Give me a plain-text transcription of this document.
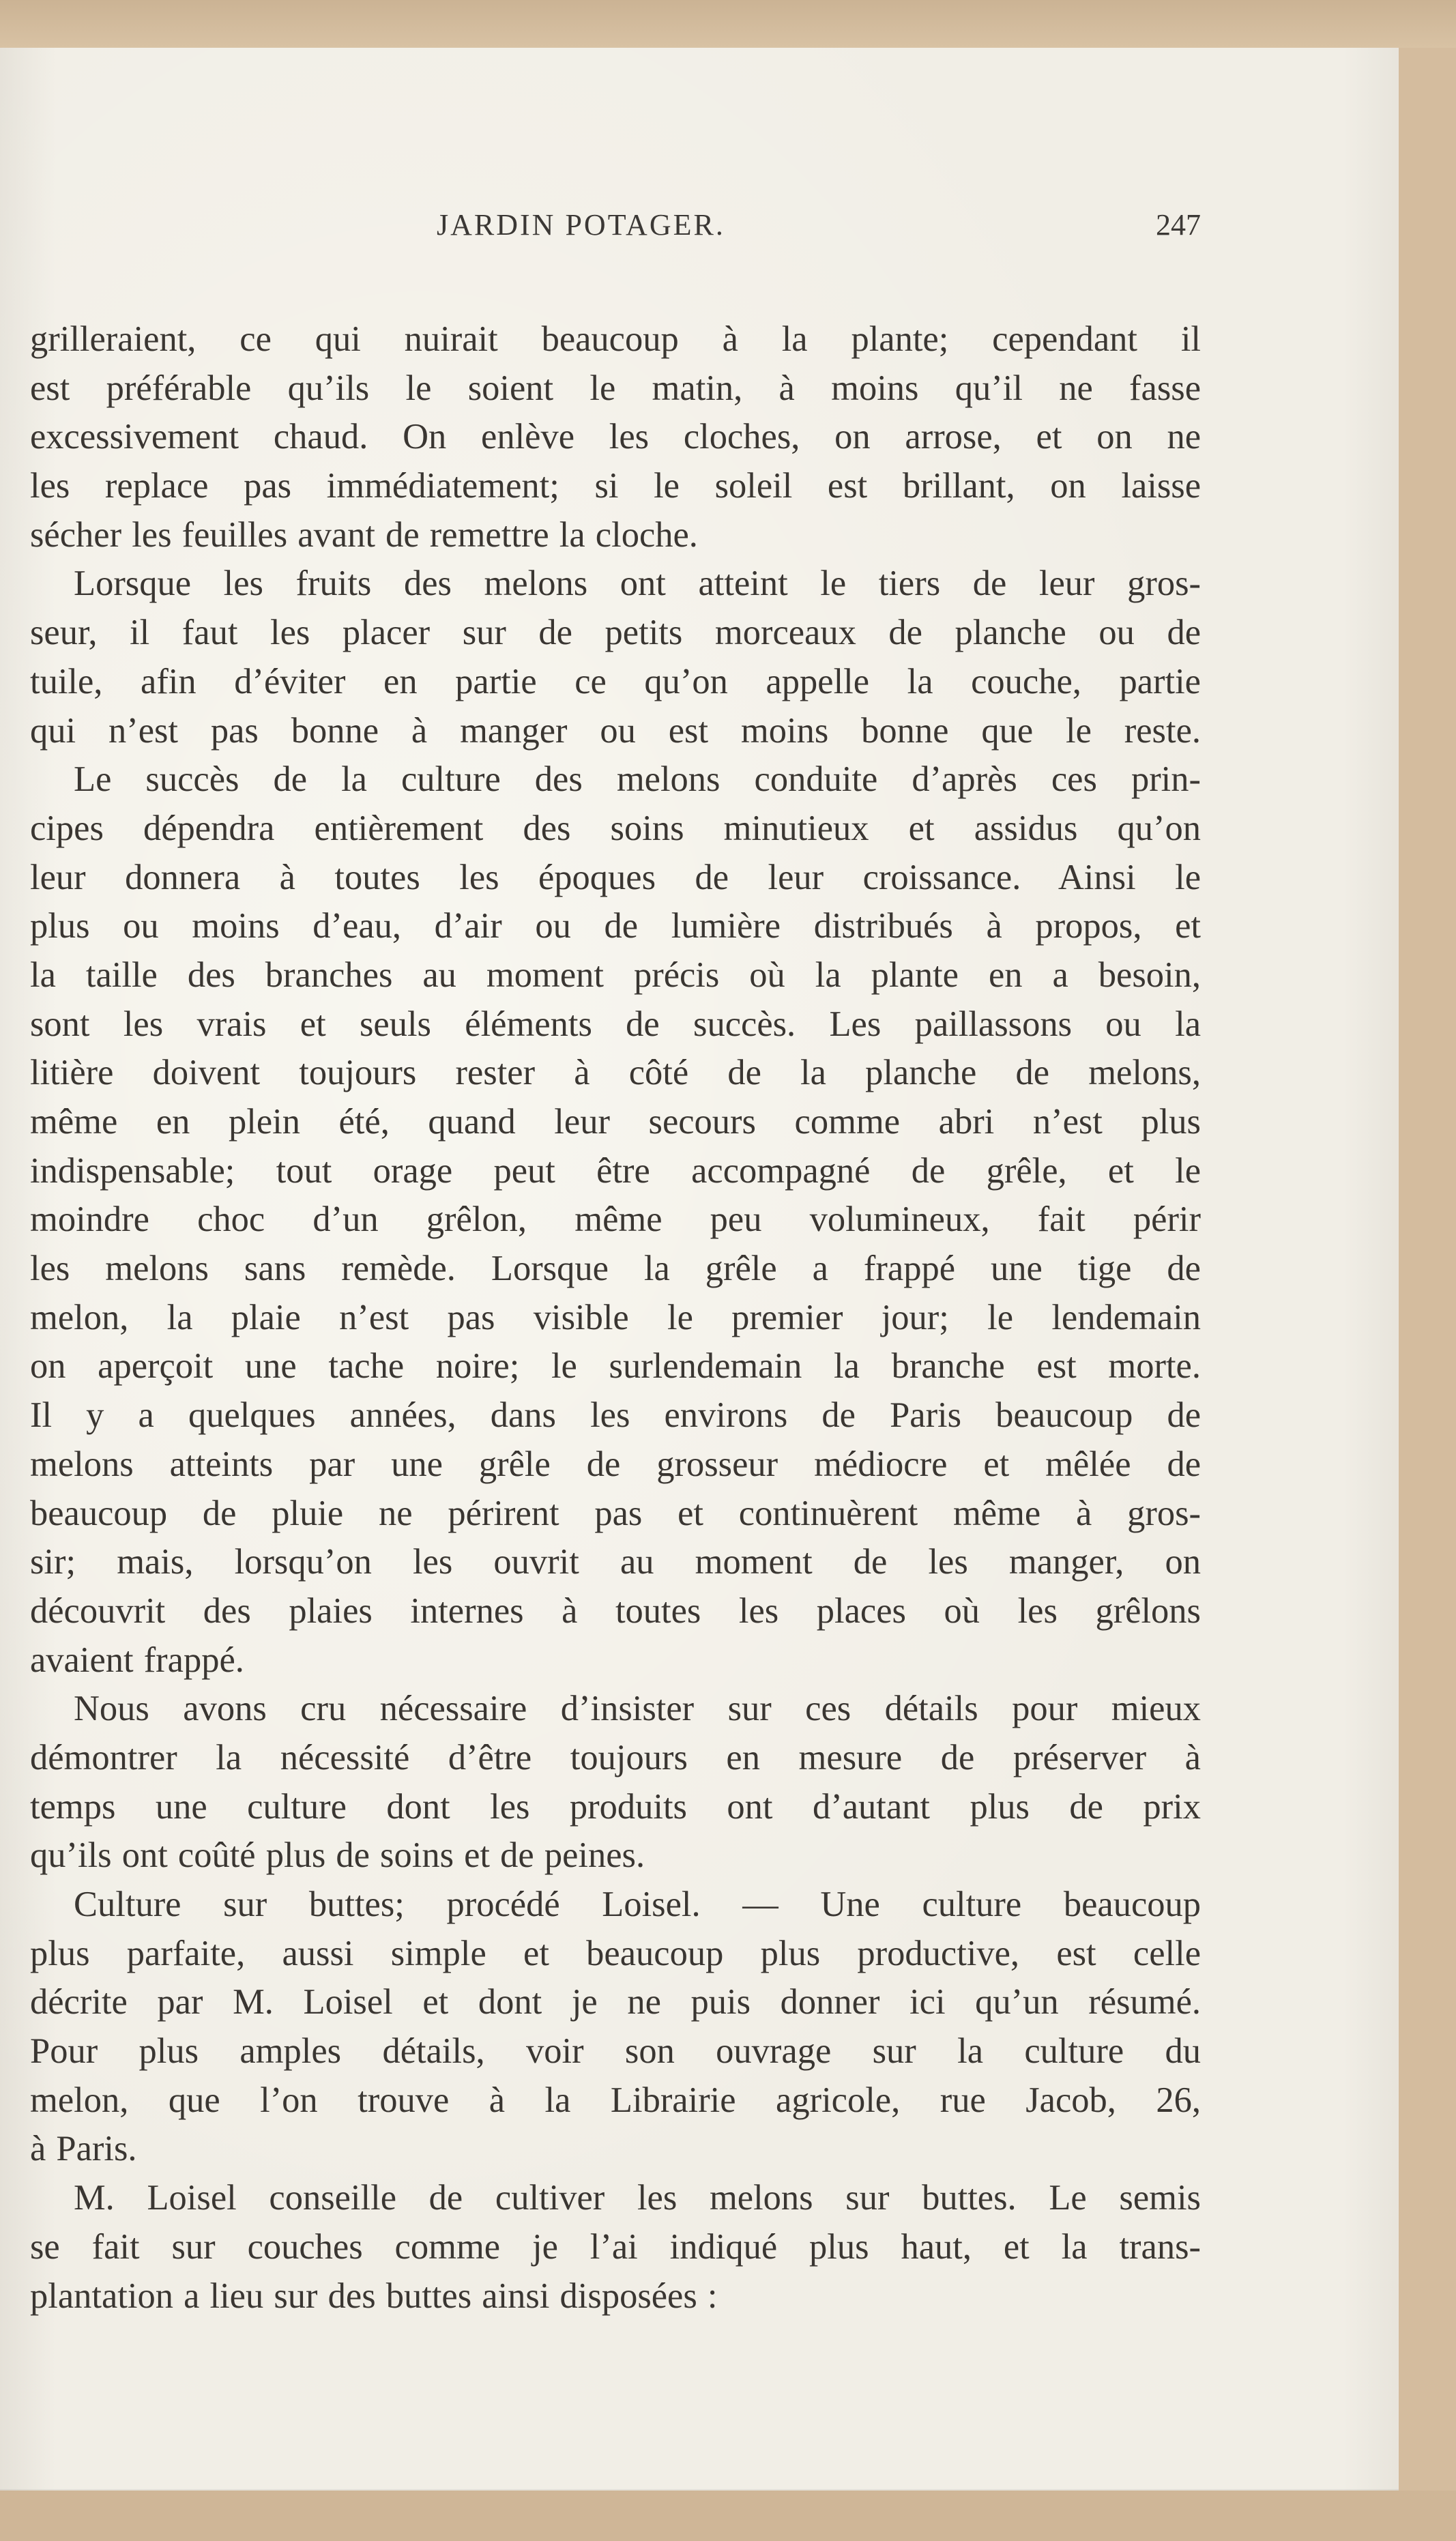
JARDIN POTAGER.	247
grilleraient, ce qui nuirait beaucoup à la plante; cependant il
est préférable qu’ils le soient le matin, à moins qu’il ne fasse
excessivement chaud. On enlève les cloches, on arrose, et on ne
les replace pas immédiatement; si le soleil est brillant, on laisse
sécher les feuilles avant de remettre la cloche.
Lorsque les fruits des melons ont atteint le tiers de leur gros-
seur, il faut les placer sur de petits morceaux de planche ou de
tuile, afin d’éviter en partie ce qu’on appelle la couche, partie
qui n’est pas bonne à manger ou est moins bonne que le reste.
Le succès de la culture des melons conduite d’après ces prin-
cipes dépendra entièrement des soins minutieux et assidus qu’on
leur donnera à toutes les époques de leur croissance. Ainsi le
plus ou moins d’eau, d’air ou de lumière distribués à propos, et
la taille des branches au moment précis où la plante en a besoin,
sont les vrais et seuls éléments de succès. Les paillassons ou la
litière doivent toujours rester à côté de la planche de melons,
même en plein été, quand leur secours comme abri n’est plus
indispensable; tout orage peut être accompagné de grêle, et le
moindre choc d’un grêlon, même peu volumineux, fait périr
les melons sans remède. Lorsque la grêle a frappé une tige de
melon, la plaie n’est pas visible le premier jour; le lendemain
on aperçoit une tache noire; le surlendemain la branche est morte.
Il y a quelques années, dans les environs de Paris beaucoup de
melons atteints par une grêle de grosseur médiocre et mêlée de
beaucoup de pluie ne périrent pas et continuèrent même à gros-
sir; mais, lorsqu’on les ouvrit au moment de les manger, on
découvrit des plaies internes à toutes les places où les grêlons
avaient frappé.
Nous avons cru nécessaire d’insister sur ces détails pour mieux
démontrer la nécessité d’être toujours en mesure de préserver à
temps une culture dont les produits ont d’autant plus de prix
qu’ils ont coûté plus de soins et de peines.
Culture sur buttes; procédé Loisel. — Une culture beaucoup
plus parfaite, aussi simple et beaucoup plus productive, est celle
décrite par M. Loisel et dont je ne puis donner ici qu’un résumé.
Pour plus amples détails, voir son ouvrage sur la culture du
melon, que l’on trouve à la Librairie agricole, rue Jacob, 26,
à Paris.
M. Loisel conseille de cultiver les melons sur buttes. Le semis
se fait sur couches comme je l’ai indiqué plus haut, et la trans-
plantation a lieu sur des buttes ainsi disposées :
